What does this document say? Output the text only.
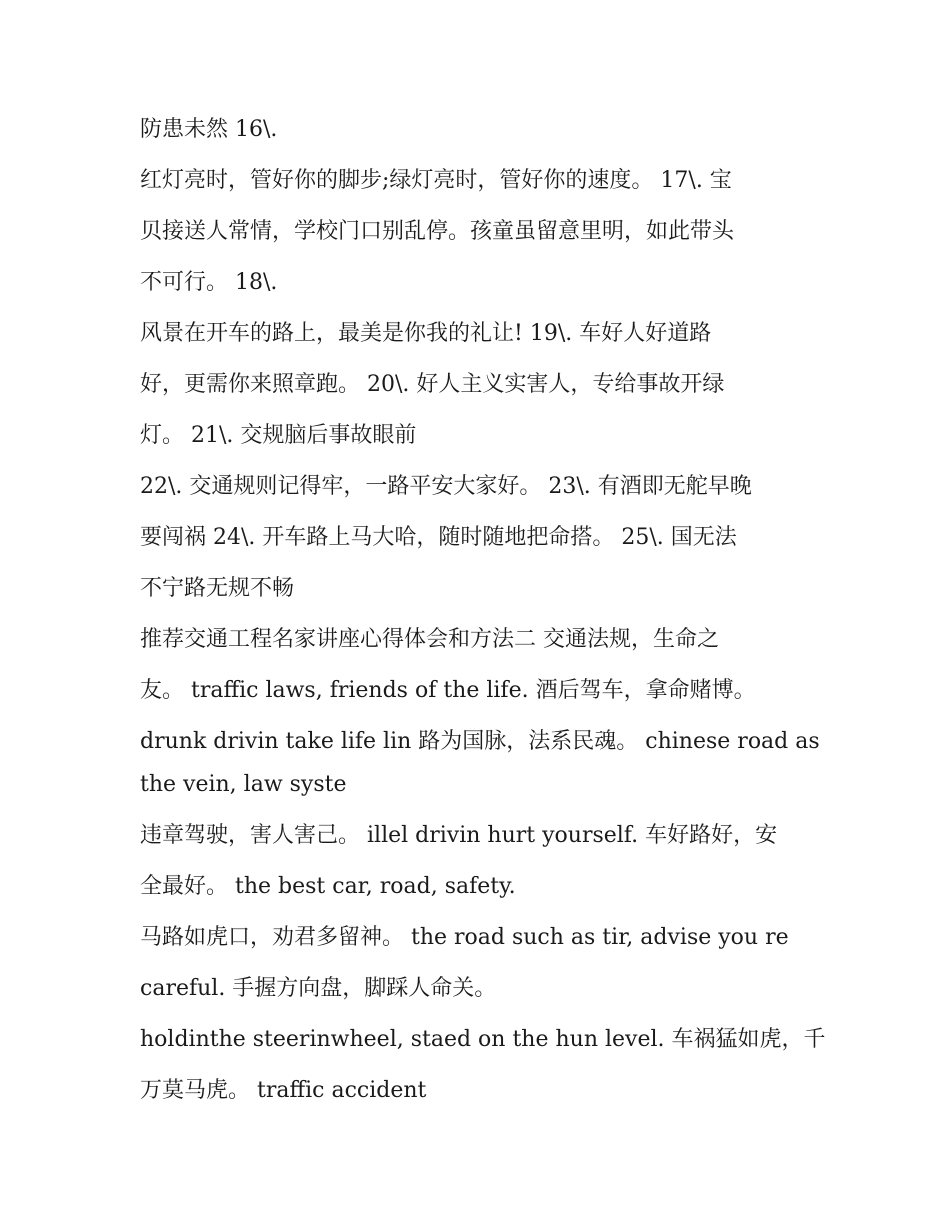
防患未然 16\.
红灯亮时，管好你的脚步;绿灯亮时，管好你的速度。 17\. 宝
贝接送人常情，学校门口别乱停。孩童虽留意里明，如此带头
不可行。 18\.
风景在开车的路上，最美是你我的礼让! 19\. 车好人好道路
好，更需你来照章跑。 20\. 好人主义实害人，专给事故开绿
灯。 21\. 交规脑后事故眼前
22\. 交通规则记得牢，一路平安大家好。 23\. 有酒即无舵早晚
要闯祸 24\. 开车路上马大哈，随时随地把命搭。 25\. 国无法
不宁路无规不畅
推荐交通工程名家讲座心得体会和方法二 交通法规，生命之
友。 traffic laws, friends of the life. 酒后驾车，拿命赌博。
drunk drivin take life lin 路为国脉，法系民魂。 chinese road as
the vein, law syste
违章驾驶，害人害己。 illel drivin hurt yourself. 车好路好，安
全最好。 the best car, road, safety.
马路如虎口，劝君多留神。 the road such as tir, advise you re
careful. 手握方向盘，脚踩人命关。
holdinthe steerinwheel, staed on the hun level. 车祸猛如虎，千
万莫马虎。 traffic accident
